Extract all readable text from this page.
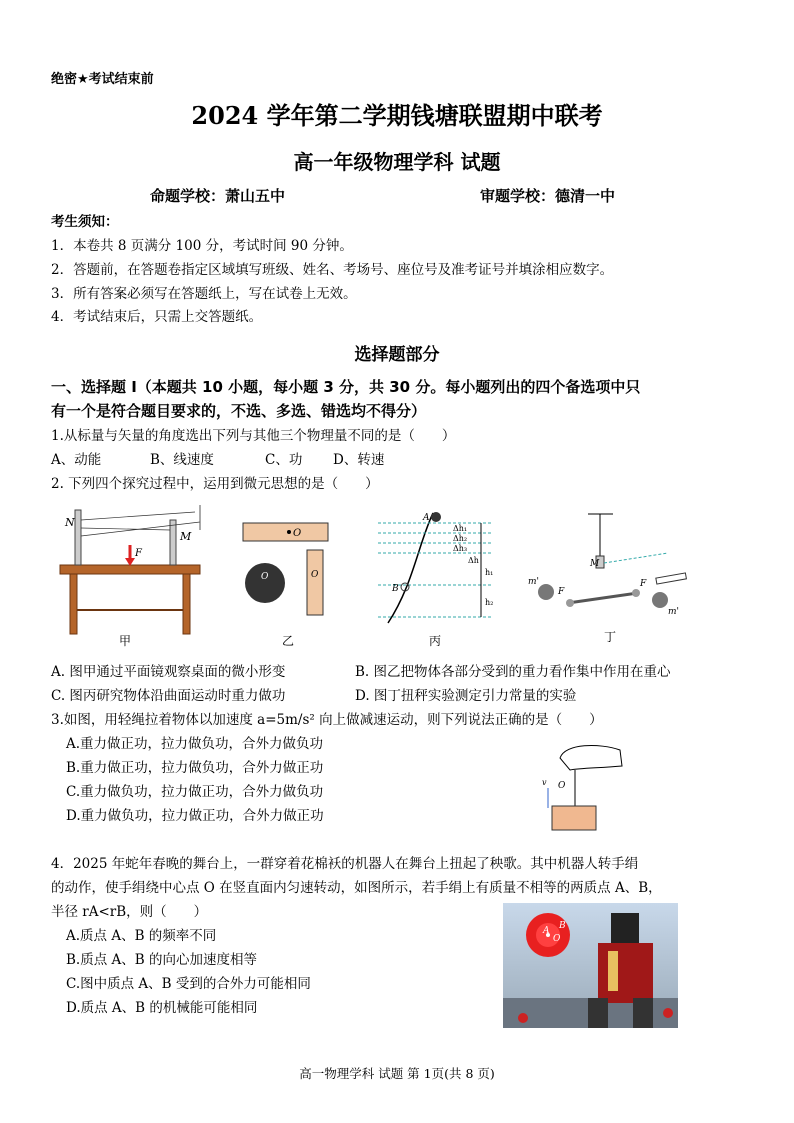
绝密★考试结束前
2024 学年第二学期钱塘联盟期中联考
高一年级物理学科 试题
命题学校：萧山五中	审题学校：德清一中
考生须知：
1．本卷共 8 页满分 100 分，考试时间 90 分钟。
2．答题前，在答题卷指定区域填写班级、姓名、考场号、座位号及准考证号并填涂相应数字。
3．所有答案必须写在答题纸上，写在试卷上无效。
4．考试结束后，只需上交答题纸。
选择题部分
一、选择题 I（本题共 10 小题，每小题 3 分，共 30 分。每小题列出的四个备选项中只
有一个是符合题目要求的，不选、多选、错选均不得分）
1.从标量与矢量的角度选出下列与其他三个物理量不同的是（　　）
A、动能	B、线速度	C、功 D、转速
2. 下列四个探究过程中，运用到微元思想的是（　　）
N
M
F
甲
O
O	O
乙
A
B
Δh₁
Δh₂
Δh₃
Δh
h₁
h₂
丙
M
m'
m'
F
F
丁
A. 图甲通过平面镜观察桌面的微小形变	B. 图乙把物体各部分受到的重力看作集中作用在重心
C. 图丙研究物体沿曲面运动时重力做功	D. 图丁扭秤实验测定引力常量的实验
3.如图，用轻绳拉着物体以加速度 a=5m/s² 向上做减速运动，则下列说法正确的是（　　）
A.重力做正功，拉力做负功，合外力做负功
B.重力做正功，拉力做负功，合外力做正功
C.重力做负功，拉力做正功，合外力做负功
D.重力做负功，拉力做正功，合外力做正功
v O
4．2025 年蛇年春晚的舞台上，一群穿着花棉袄的机器人在舞台上扭起了秧歌。其中机器人转手绢
的动作，使手绢绕中心点 O 在竖直面内匀速转动，如图所示，若手绢上有质量不相等的两质点 A、B，
半径 rA<rB，则（　　）
A.质点 A、B 的频率不同
B.质点 A、B 的向心加速度相等
C.图中质点 A、B 受到的合外力可能相同
D.质点 A、B 的机械能可能相同
O
A B
高一物理学科 试题 第 1页(共 8 页)
